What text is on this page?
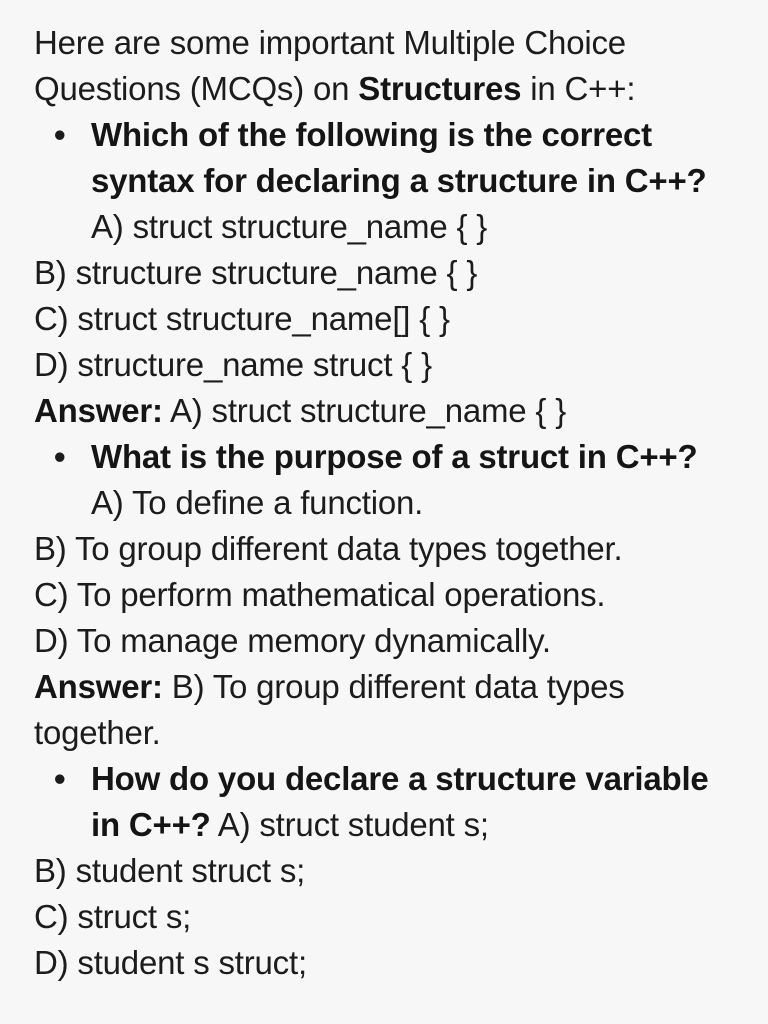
Here are some important Multiple Choice Questions (MCQs) on Structures in C++:
• Which of the following is the correct syntax for declaring a structure in C++?
A) struct structure_name { }
B) structure structure_name { }
C) struct structure_name[] { }
D) structure_name struct { }
Answer: A) struct structure_name { }
• What is the purpose of a struct in C++?
A) To define a function.
B) To group different data types together.
C) To perform mathematical operations.
D) To manage memory dynamically.
Answer: B) To group different data types together.
• How do you declare a structure variable in C++? A) struct student s;
B) student struct s;
C) struct s;
D) student s struct;
